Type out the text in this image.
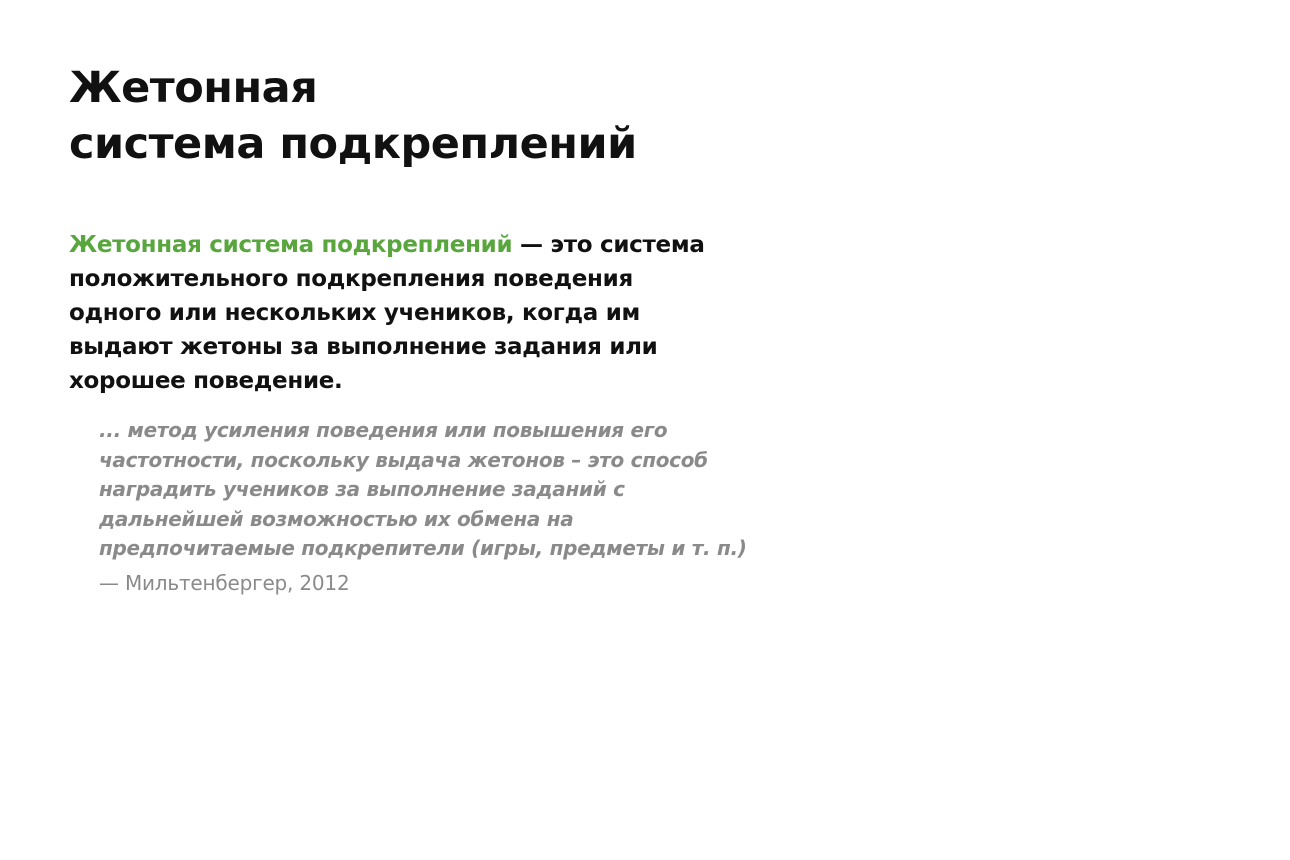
Жетонная
система подкреплений

Жетонная система подкреплений — это система
положительного подкрепления поведения
одного или нескольких учеников, когда им
выдают жетоны за выполнение задания или
хорошее поведение.

... метод усиления поведения или повышения его
частотности, поскольку выдача жетонов – это способ
наградить учеников за выполнение заданий с
дальнейшей возможностью их обмена на
предпочитаемые подкрепители (игры, предметы и т. п.)

— Мильтенбергер, 2012
